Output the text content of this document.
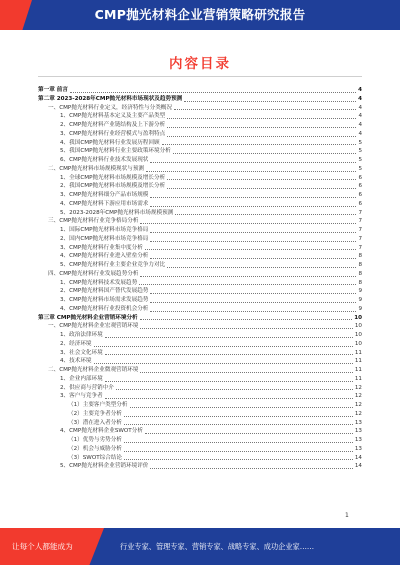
CMP抛光材料企业营销策略研究报告
内容目录
第一章 前言	4
第二章 2023-2028年CMP抛光材料市场现状及趋势预测	4
一、CMP抛光材料行业定义，经济特性与分类概况	4
1、CMP抛光材料基本定义及主要产品类型	4
2、CMP抛光材料产业链结构及上下游分析	4
3、CMP抛光材料行业经营模式与盈利特点	4
4、我国CMP抛光材料行业发展历程回顾	5
5、我国CMP抛光材料行业主要政策环境分析	5
6、CMP抛光材料行业技术发展现状	5
二、CMP抛光材料市场规模现状与预测	5
1、全球CMP抛光材料市场规模及增长分析	6
2、我国CMP抛光材料市场规模及增长分析	6
3、CMP抛光材料细分产品市场规模	6
4、CMP抛光材料下游应用市场需求	6
5、2023-2028年CMP抛光材料市场规模预测	7
三、CMP抛光材料行业竞争格局分析	7
1、国际CMP抛光材料市场竞争格局	7
2、国内CMP抛光材料市场竞争格局	7
3、CMP抛光材料行业集中度分析	7
4、CMP抛光材料行业进入壁垒分析	8
5、CMP抛光材料行业主要企业竞争力对比	8
四、CMP抛光材料行业发展趋势分析	8
1、CMP抛光材料技术发展趋势	8
2、CMP抛光材料国产替代发展趋势	9
3、CMP抛光材料市场需求发展趋势	9
4、CMP抛光材料行业投资机会分析	9
第三章 CMP抛光材料企业营销环境分析	10
一、CMP抛光材料企业宏观营销环境	10
1、政治法律环境	10
2、经济环境	10
3、社会文化环境	11
4、技术环境	11
二、CMP抛光材料企业微观营销环境	11
1、企业内部环境	11
2、供应商与营销中介	12
3、客户与竞争者	12
（1）主要客户类型分析	12
（2）主要竞争者分析	12
（3）潜在进入者分析	13
4、CMP抛光材料企业SWOT分析	13
（1）优势与劣势分析	13
（2）机会与威胁分析	13
（3）SWOT综合结论	14
5、CMP抛光材料企业营销环境评价	14
1
让每个人都能成为	行业专家、管理专家、营销专家、战略专家、成功企业家……
